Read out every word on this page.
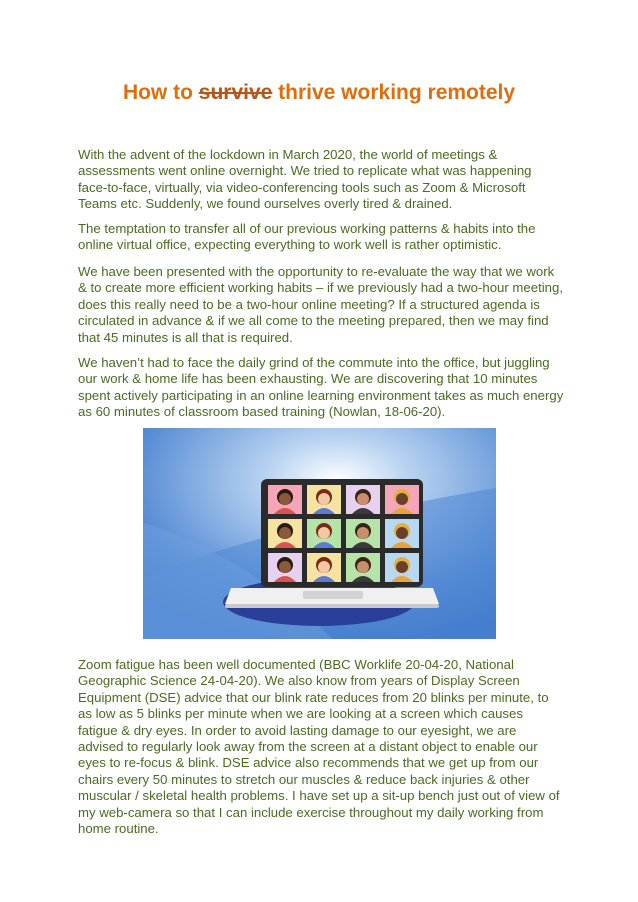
How to survive thrive working remotely

With the advent of the lockdown in March 2020, the world of meetings & assessments went online overnight. We tried to replicate what was happening face-to-face, virtually, via video-conferencing tools such as Zoom & Microsoft Teams etc. Suddenly, we found ourselves overly tired & drained.

The temptation to transfer all of our previous working patterns & habits into the online virtual office, expecting everything to work well is rather optimistic.

We have been presented with the opportunity to re-evaluate the way that we work & to create more efficient working habits – if we previously had a two-hour meeting, does this really need to be a two-hour online meeting? If a structured agenda is circulated in advance & if we all come to the meeting prepared, then we may find that 45 minutes is all that is required.

We haven’t had to face the daily grind of the commute into the office, but juggling our work & home life has been exhausting. We are discovering that 10 minutes spent actively participating in an online learning environment takes as much energy as 60 minutes of classroom based training (Nowlan, 18-06-20).

Zoom fatigue has been well documented (BBC Worklife 20-04-20, National Geographic Science 24-04-20). We also know from years of Display Screen Equipment (DSE) advice that our blink rate reduces from 20 blinks per minute, to as low as 5 blinks per minute when we are looking at a screen which causes fatigue & dry eyes. In order to avoid lasting damage to our eyesight, we are advised to regularly look away from the screen at a distant object to enable our eyes to re-focus & blink. DSE advice also recommends that we get up from our chairs every 50 minutes to stretch our muscles & reduce back injuries & other muscular / skeletal health problems. I have set up a sit-up bench just out of view of my web-camera so that I can include exercise throughout my daily working from home routine.
